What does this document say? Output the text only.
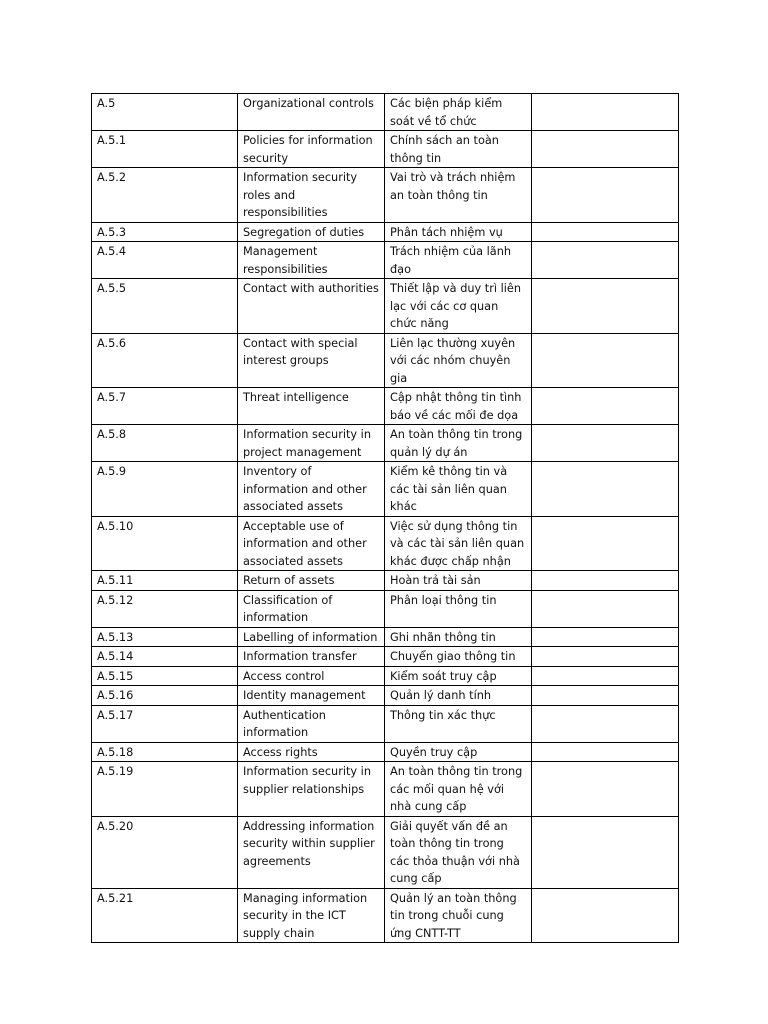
A.5	Organizational controls	Các biện pháp kiểm soát về tổ chức	
A.5.1	Policies for information security	Chính sách an toàn thông tin	
A.5.2	Information security roles and responsibilities	Vai trò và trách nhiệm an toàn thông tin	
A.5.3	Segregation of duties	Phân tách nhiệm vụ	
A.5.4	Management responsibilities	Trách nhiệm của lãnh đạo	
A.5.5	Contact with authorities	Thiết lập và duy trì liên lạc với các cơ quan chức năng	
A.5.6	Contact with special interest groups	Liên lạc thường xuyên với các nhóm chuyên gia	
A.5.7	Threat intelligence	Cập nhật thông tin tình báo về các mối đe dọa	
A.5.8	Information security in project management	An toàn thông tin trong quản lý dự án	
A.5.9	Inventory of information and other associated assets	Kiểm kê thông tin và các tài sản liên quan khác	
A.5.10	Acceptable use of information and other associated assets	Việc sử dụng thông tin và các tài sản liên quan khác được chấp nhận	
A.5.11	Return of assets	Hoàn trả tài sản	
A.5.12	Classification of information	Phân loại thông tin	
A.5.13	Labelling of information	Ghi nhãn thông tin	
A.5.14	Information transfer	Chuyển giao thông tin	
A.5.15	Access control	Kiểm soát truy cập	
A.5.16	Identity management	Quản lý danh tính	
A.5.17	Authentication information	Thông tin xác thực	
A.5.18	Access rights	Quyền truy cập	
A.5.19	Information security in supplier relationships	An toàn thông tin trong các mối quan hệ với nhà cung cấp	
A.5.20	Addressing information security within supplier agreements	Giải quyết vấn đề an toàn thông tin trong các thỏa thuận với nhà cung cấp	
A.5.21	Managing information security in the ICT supply chain	Quản lý an toàn thông tin trong chuỗi cung ứng CNTT-TT	
